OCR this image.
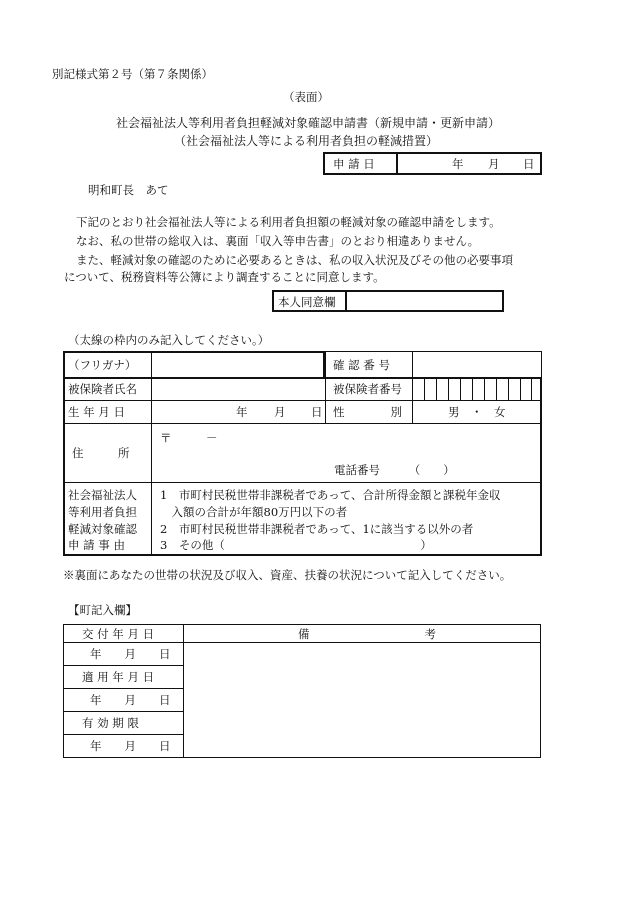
別記様式第２号（第７条関係）
（表面）
社会福祉法人等利用者負担軽減対象確認申請書（新規申請・更新申請）
（社会福祉法人等による利用者負担の軽減措置）
申 請 日	年 月 日
明和町長　あて
下記のとおり社会福祉法人等による利用者負担額の軽減対象の確認申請をします。
なお、私の世帯の総収入は、裏面「収入等申告書」のとおり相違ありません。
また、軽減対象の確認のために必要あるときは、私の収入状況及びその他の必要事項
について、税務資料等公簿により調査することに同意します。
本人同意欄
（太線の枠内のみ記入してください。）
（フリガナ）	確 認 番 号
被保険者氏名	被保険者番号
生 年 月 日	年 月 日 性　　　　別	男　・　女
住　　　所
〒　　　－
電話番号　　　（　　）
社会福祉法人
等利用者負担
軽減対象確認
申 請 事 由
1　市町村民税世帯非課税者であって、合計所得金額と課税年金収
　入額の合計が年額80万円以下の者
2　市町村民税世帯非課税者であって、1に該当する以外の者
3　その他（　　　　　　　　　　　　　　　　　）
※裏面にあなたの世帯の状況及び収入、資産、扶養の状況について記入してください。
【町記入欄】
交 付 年 月 日	備　　　　　　　　　　考
年　　月　　日
適 用 年 月 日
年　　月　　日
有 効 期 限
年　　月　　日
